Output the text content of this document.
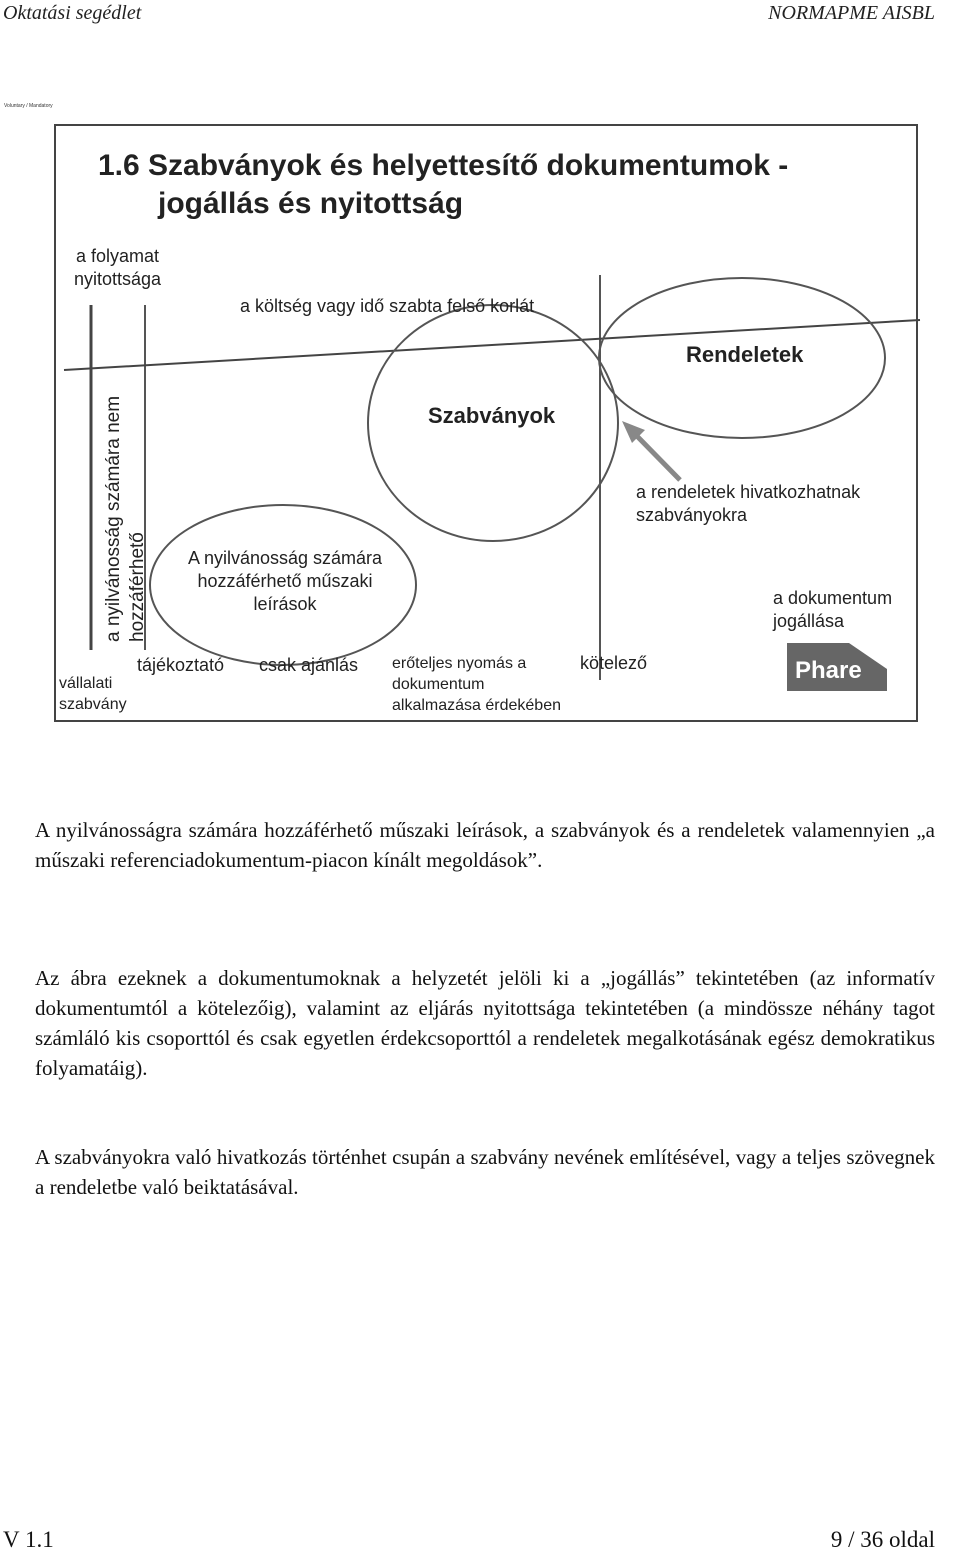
Oktatási segédlet	NORMAPME AISBL
Voluntary / Mandatory
1.6 Szabványok és helyettesítő dokumentumok -
jogállás és nyitottság
a folyamat
nyitottsága
a költség vagy idő szabta felső korlát
Rendeletek
Szabványok
a nyilvánosság számára nem hozzáférhető	A nyilvánosság számára
hozzáférhető műszaki
leírások
a rendeletek hivatkozhatnak
szabványokra
a dokumentum
jogállása
vállalati
szabvány
tájékoztató csak ajánlás erőteljes nyomás a
dokumentum
alkalmazása érdekében
kötelező	Phare

A nyilvánosságra számára hozzáférhető műszaki leírások, a szabványok és a rendeletek valamennyien „a műszaki referenciadokumentum-piacon kínált megoldások”.

Az ábra ezeknek a dokumentumoknak a helyzetét jelöli ki a „jogállás” tekintetében (az informatív dokumentumtól a kötelezőig), valamint az eljárás nyitottsága tekintetében (a mindössze néhány tagot számláló kis csoporttól és csak egyetlen érdekcsoporttól a rendeletek megalkotásának egész demokratikus folyamatáig).

A szabványokra való hivatkozás történhet csupán a szabvány nevének említésével, vagy a teljes szövegnek a rendeletbe való beiktatásával.

V 1.1	9 / 36 oldal
